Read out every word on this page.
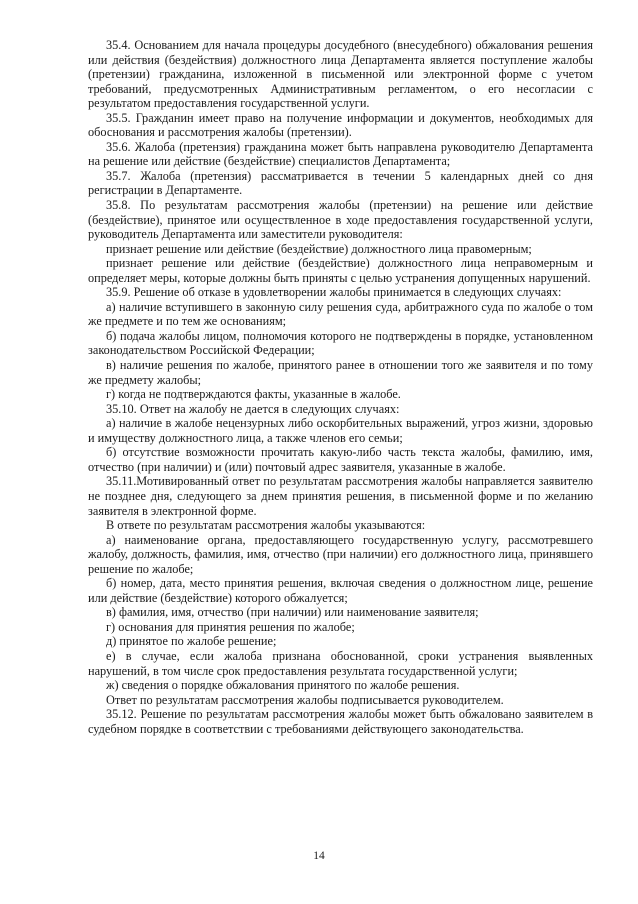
35.4. Основанием для начала процедуры досудебного (внесудебного) обжалования решения или действия (бездействия) должностного лица Департамента является поступление жалобы (претензии) гражданина, изложенной в письменной или электронной форме с учетом требований, предусмотренных Административным регламентом, о его несогласии с результатом предоставления государственной услуги.

35.5. Гражданин имеет право на получение информации и документов, необходимых для обоснования и рассмотрения жалобы (претензии).

35.6. Жалоба (претензия) гражданина может быть направлена руководителю Департамента на решение или действие (бездействие) специалистов Департамента;

35.7. Жалоба (претензия) рассматривается в течении 5 календарных дней со дня регистрации в Департаменте.

35.8. По результатам рассмотрения жалобы (претензии) на решение или действие (бездействие), принятое или осуществленное в ходе предоставления государственной услуги, руководитель Департамента или заместители руководителя:

признает решение или действие (бездействие) должностного лица правомерным;

признает решение или действие (бездействие) должностного лица неправомерным и определяет меры, которые должны быть приняты с целью устранения допущенных нарушений.

35.9. Решение об отказе в удовлетворении жалобы принимается в следующих случаях:

а) наличие вступившего в законную силу решения суда, арбитражного суда по жалобе о том же предмете и по тем же основаниям;

б) подача жалобы лицом, полномочия которого не подтверждены в порядке, установленном законодательством Российской Федерации;

в) наличие решения по жалобе, принятого ранее в отношении того же заявителя и по тому же предмету жалобы;

г) когда не подтверждаются факты, указанные в жалобе.

35.10. Ответ на жалобу не дается в следующих случаях:

а) наличие в жалобе нецензурных либо оскорбительных выражений, угроз жизни, здоровью и имуществу должностного лица, а также членов его семьи;

б) отсутствие возможности прочитать какую-либо часть текста жалобы, фамилию, имя, отчество (при наличии) и (или) почтовый адрес заявителя, указанные в жалобе.

35.11.Мотивированный ответ по результатам рассмотрения жалобы направляется заявителю не позднее дня, следующего за днем принятия решения, в письменной форме и по желанию заявителя в электронной форме.

В ответе по результатам рассмотрения жалобы указываются:

а) наименование органа, предоставляющего государственную услугу, рассмотревшего жалобу, должность, фамилия, имя, отчество (при наличии) его должностного лица, принявшего решение по жалобе;

б) номер, дата, место принятия решения, включая сведения о должностном лице, решение или действие (бездействие) которого обжалуется;

в) фамилия, имя, отчество (при наличии) или наименование заявителя;

г) основания для принятия решения по жалобе;

д) принятое по жалобе решение;

е) в случае, если жалоба признана обоснованной, сроки устранения выявленных нарушений, в том числе срок предоставления результата государственной услуги;

ж) сведения о порядке обжалования принятого по жалобе решения.

Ответ по результатам рассмотрения жалобы подписывается руководителем.

35.12. Решение по результатам рассмотрения жалобы может быть обжаловано заявителем в судебном порядке в соответствии с требованиями действующего законодательства.

14
